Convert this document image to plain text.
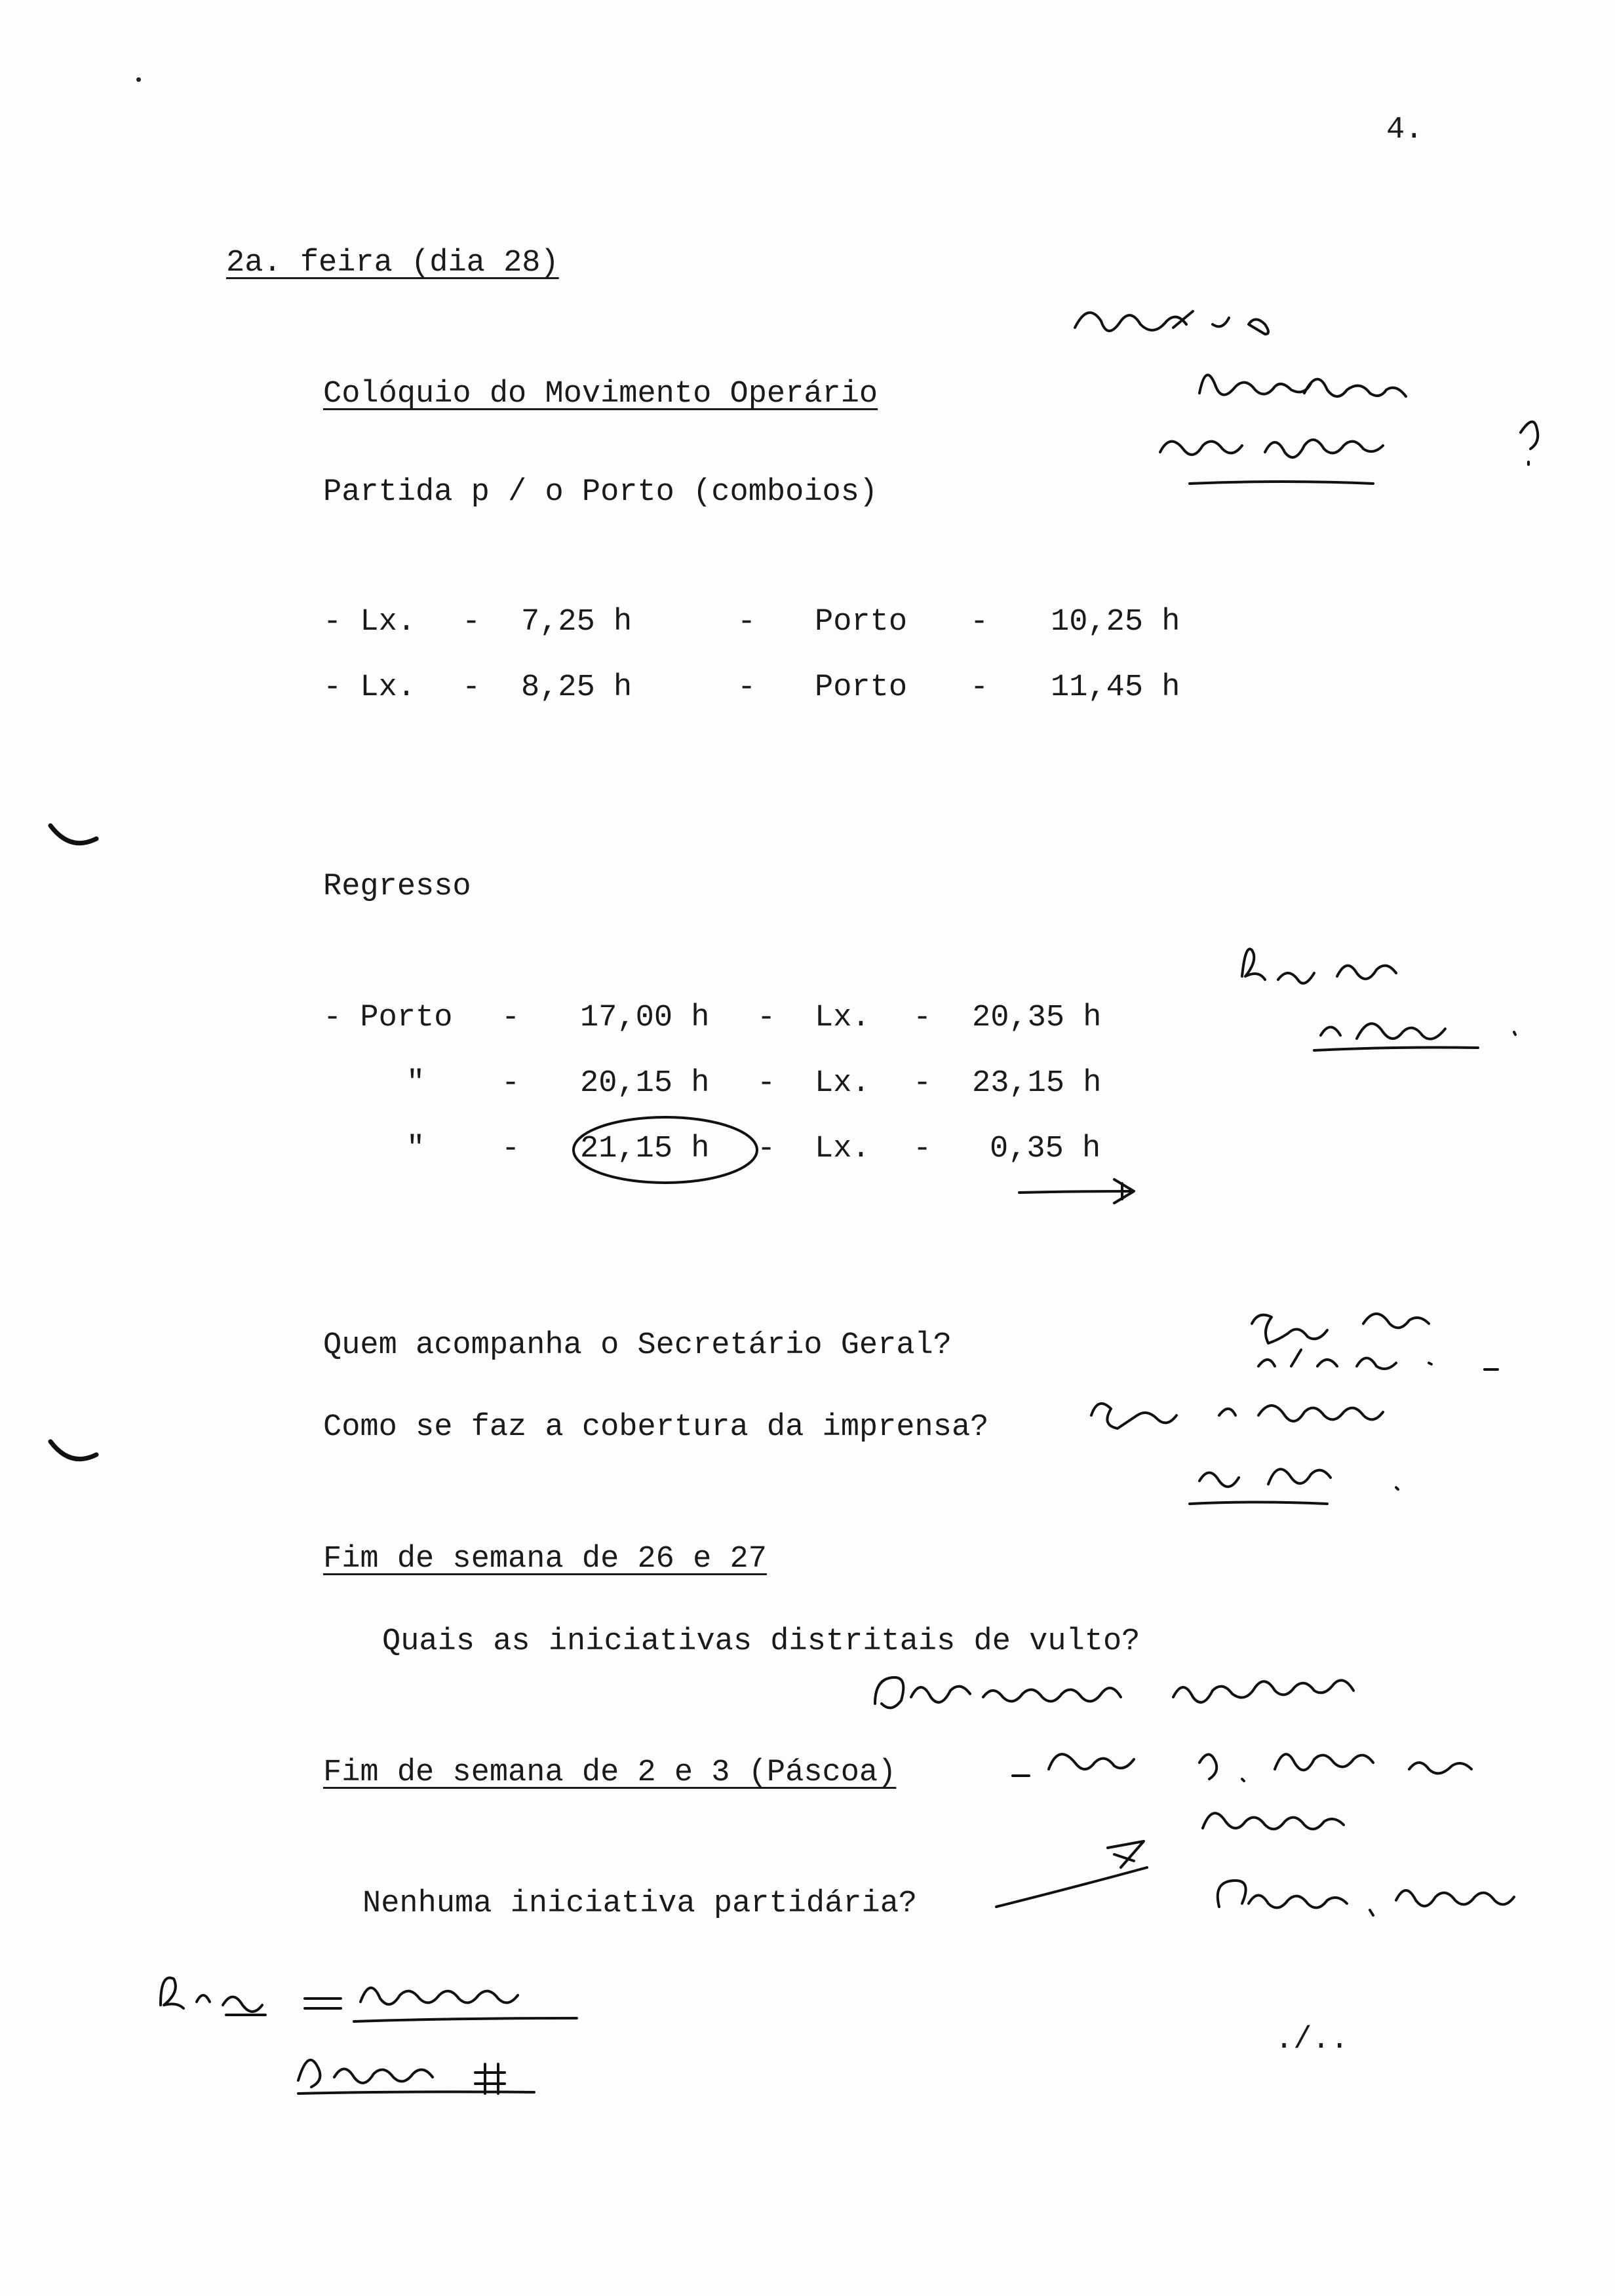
4.
2a. feira (dia 28)
Colóquio do Movimento Operário
Partida p / o Porto (comboios)
- Lx. - 7,25 h	- Porto - 10,25 h
- Lx. - 8,25 h	- Porto - 11,45 h
Regresso
- Porto - 17,00 h - Lx. - 20,35 h
" - 20,15 h - Lx. - 23,15 h
" - 21,15 h - Lx. - 0,35 h
Quem acompanha o Secretário Geral?
Como se faz a cobertura da imprensa?
Fim de semana de 26 e 27
Quais as iniciativas distritais de vulto?
Fim de semana de 2 e 3 (Páscoa)
Nenhuma iniciativa partidária?
./..
